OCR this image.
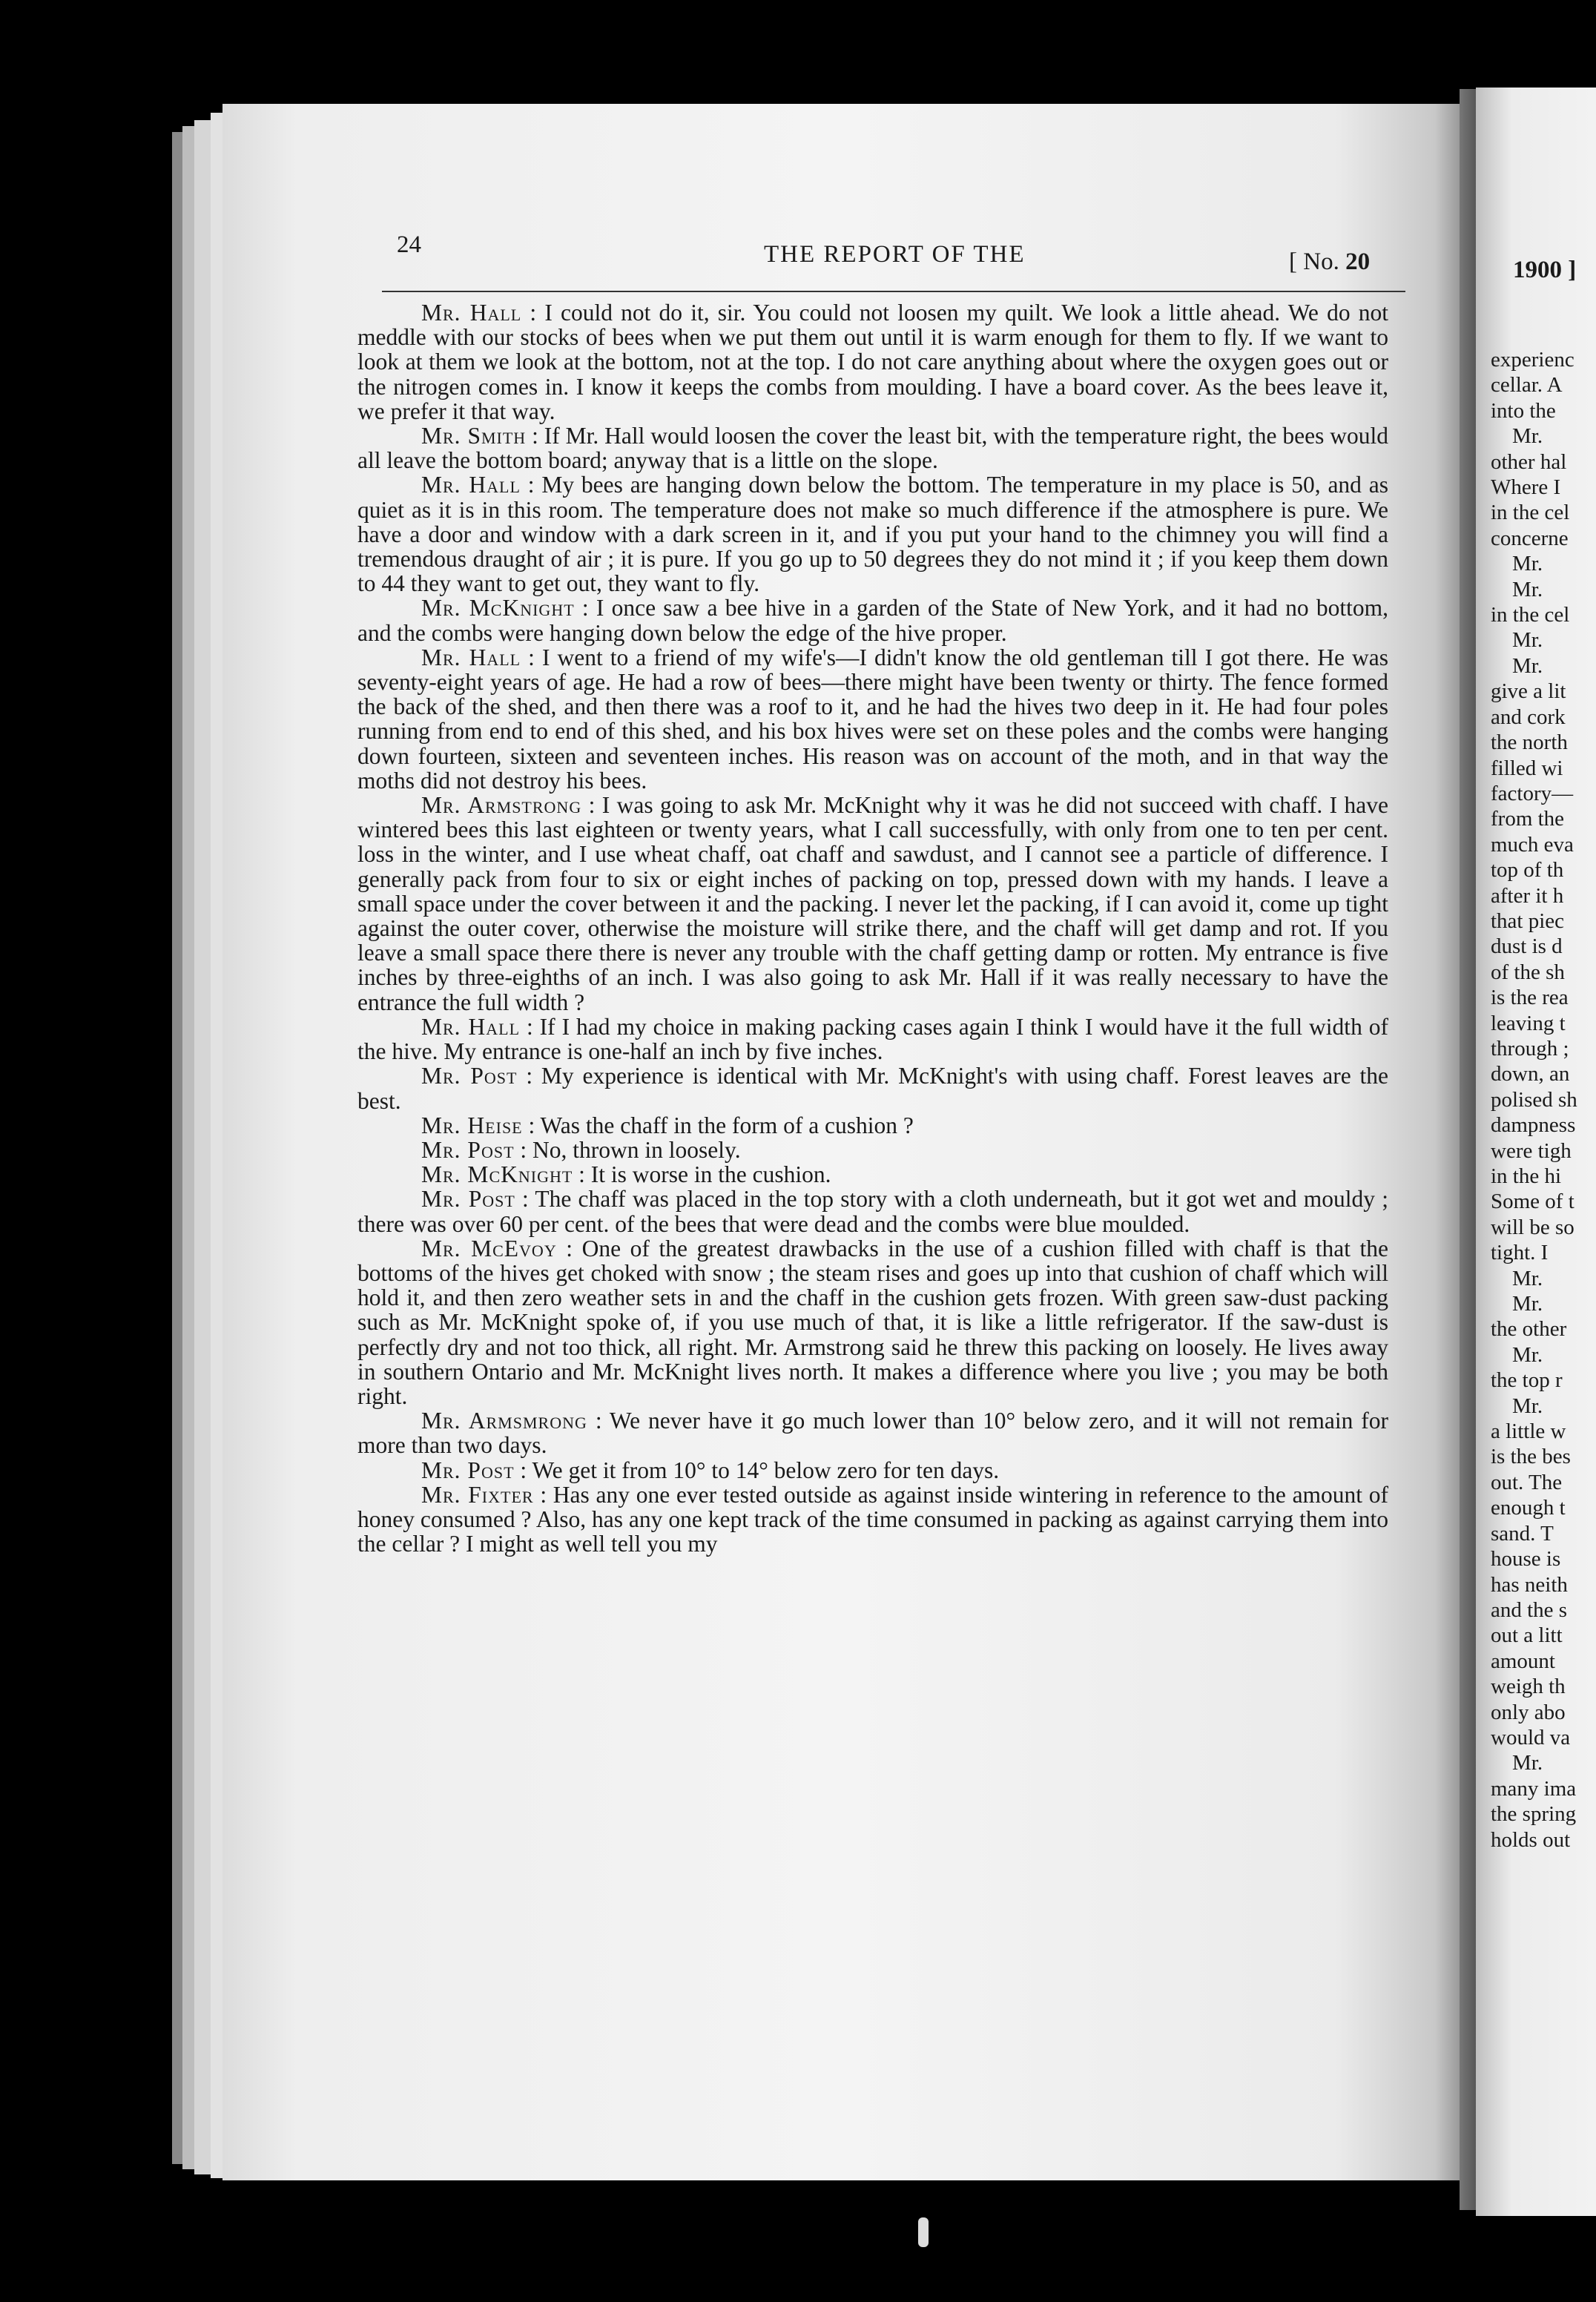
1900 ]
experienc
cellar. A
into the
Mr.
other hal
Where I
in the cel
concerne
Mr.
Mr.
in the cel
Mr.
Mr.
give a lit
and cork
the north
filled wi
factory—
from the
much eva
top of th
after it h
that piec
dust is d
of the sh
is the rea
leaving t
through ;
down, an
polised sh
dampness
were tigh
in the hi
Some of t
will be so
tight. I
Mr.
Mr.
the other
Mr.
the top r
Mr.
a little w
is the bes
out. The
enough t
sand. T
house is
has neith
and the s
out a litt
amount
weigh th
only abo
would va
Mr.
many ima
the spring
holds out
24	THE REPORT OF THE	[ No. 20

Mr. Hall : I could not do it, sir. You could not loosen my quilt. We look a little ahead. We do not meddle with our stocks of bees when we put them out until it is warm enough for them to fly. If we want to look at them we look at the bottom, not at the top. I do not care anything about where the oxygen goes out or the nitrogen comes in. I know it keeps the combs from moulding. I have a board cover. As the bees leave it, we prefer it that way.

Mr. Smith : If Mr. Hall would loosen the cover the least bit, with the temperature right, the bees would all leave the bottom board; anyway that is a little on the slope.

Mr. Hall : My bees are hanging down below the bottom. The temperature in my place is 50, and as quiet as it is in this room. The temperature does not make so much difference if the atmosphere is pure. We have a door and window with a dark screen in it, and if you put your hand to the chimney you will find a tremendous draught of air ; it is pure. If you go up to 50 degrees they do not mind it ; if you keep them down to 44 they want to get out, they want to fly.

Mr. McKnight : I once saw a bee hive in a garden of the State of New York, and it had no bottom, and the combs were hanging down below the edge of the hive proper.

Mr. Hall : I went to a friend of my wife's—I didn't know the old gentleman till I got there. He was seventy-eight years of age. He had a row of bees—there might have been twenty or thirty. The fence formed the back of the shed, and then there was a roof to it, and he had the hives two deep in it. He had four poles running from end to end of this shed, and his box hives were set on these poles and the combs were hanging down fourteen, sixteen and seventeen inches. His reason was on account of the moth, and in that way the moths did not destroy his bees.

Mr. Armstrong : I was going to ask Mr. McKnight why it was he did not succeed with chaff. I have wintered bees this last eighteen or twenty years, what I call successfully, with only from one to ten per cent. loss in the winter, and I use wheat chaff, oat chaff and sawdust, and I cannot see a particle of difference. I generally pack from four to six or eight inches of packing on top, pressed down with my hands. I leave a small space under the cover between it and the packing. I never let the packing, if I can avoid it, come up tight against the outer cover, otherwise the moisture will strike there, and the chaff will get damp and rot. If you leave a small space there there is never any trouble with the chaff getting damp or rotten. My entrance is five inches by three-eighths of an inch. I was also going to ask Mr. Hall if it was really necessary to have the entrance the full width ?

Mr. Hall : If I had my choice in making packing cases again I think I would have it the full width of the hive. My entrance is one-half an inch by five inches.

Mr. Post : My experience is identical with Mr. McKnight's with using chaff. Forest leaves are the best.

Mr. Heise : Was the chaff in the form of a cushion ?

Mr. Post : No, thrown in loosely.

Mr. McKnight : It is worse in the cushion.

Mr. Post : The chaff was placed in the top story with a cloth underneath, but it got wet and mouldy ; there was over 60 per cent. of the bees that were dead and the combs were blue moulded.

Mr. McEvoy : One of the greatest drawbacks in the use of a cushion filled with chaff is that the bottoms of the hives get choked with snow ; the steam rises and goes up into that cushion of chaff which will hold it, and then zero weather sets in and the chaff in the cushion gets frozen. With green saw-dust packing such as Mr. McKnight spoke of, if you use much of that, it is like a little refrigerator. If the saw-dust is perfectly dry and not too thick, all right. Mr. Armstrong said he threw this packing on loosely. He lives away in southern Ontario and Mr. McKnight lives north. It makes a difference where you live ; you may be both right.

Mr. Armsmrong : We never have it go much lower than 10° below zero, and it will not remain for more than two days.

Mr. Post : We get it from 10° to 14° below zero for ten days.

Mr. Fixter : Has any one ever tested outside as against inside wintering in reference to the amount of honey consumed ? Also, has any one kept track of the time consumed in packing as against carrying them into the cellar ? I might as well tell you my
